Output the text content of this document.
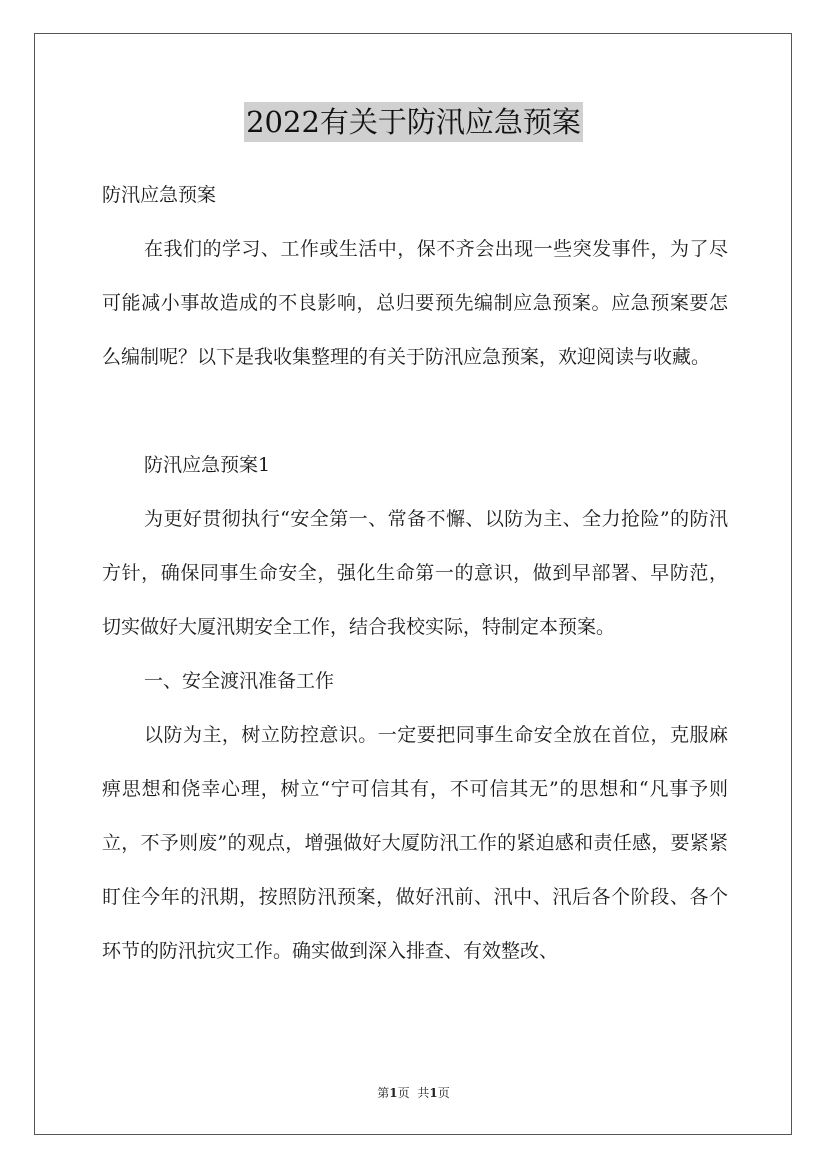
2022有关于防汛应急预案

防汛应急预案

在我们的学习、工作或生活中，保不齐会出现一些突发事件，为了尽可能减小事故造成的不良影响，总归要预先编制应急预案。应急预案要怎么编制呢？以下是我收集整理的有关于防汛应急预案，欢迎阅读与收藏。

防汛应急预案1

为更好贯彻执行“安全第一、常备不懈、以防为主、全力抢险”的防汛方针，确保同事生命安全，强化生命第一的意识，做到早部署、早防范，切实做好大厦汛期安全工作，结合我校实际，特制定本预案。

一、安全渡汛准备工作

以防为主，树立防控意识。一定要把同事生命安全放在首位，克服麻痹思想和侥幸心理，树立“宁可信其有，不可信其无”的思想和“凡事予则立，不予则废”的观点，增强做好大厦防汛工作的紧迫感和责任感，要紧紧盯住今年的汛期，按照防汛预案，做好汛前、汛中、汛后各个阶段、各个环节的防汛抗灾工作。确实做到深入排查、有效整改、

第1页 共1页
